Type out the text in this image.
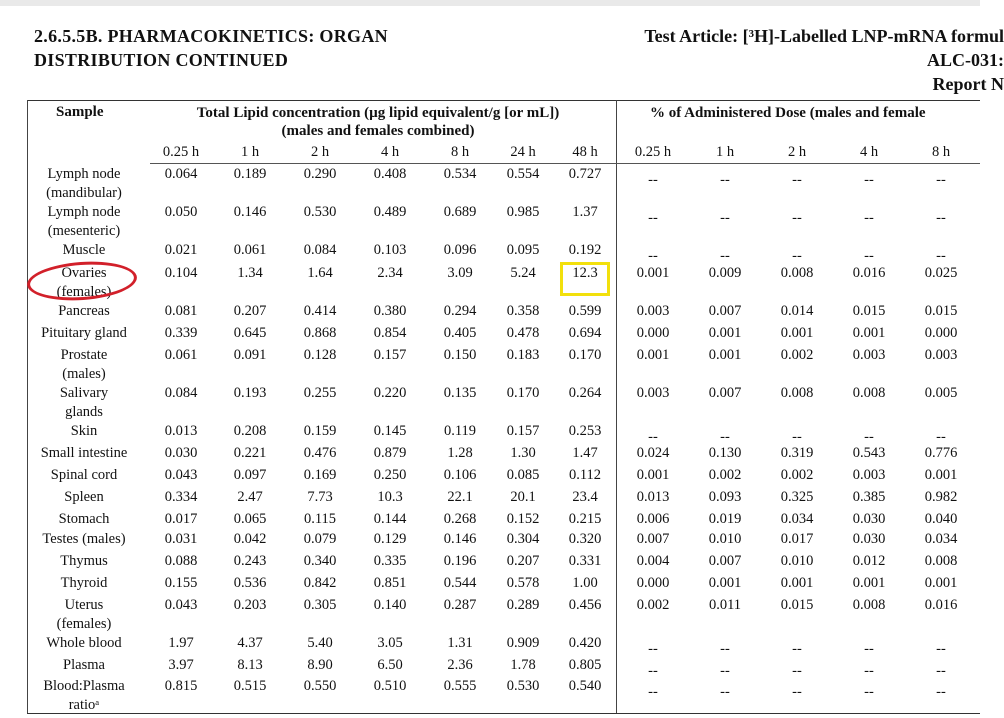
2.6.5.5B. PHARMACOKINETICS: ORGAN
DISTRIBUTION CONTINUED
Test Article: [³H]-Labelled LNP-mRNA formul
ALC-031:
Report N
Sample	Total Lipid concentration (µg lipid equivalent/g [or mL])
(males and females combined)
% of Administered Dose (males and female
0.25 h	1 h	2 h	4 h	8 h	24 h	48 h	0.25 h	1 h	2 h	4 h	8 h
Lymph node
(mandibular)
0.064	0.189	0.290	0.408	0.534	0.554	0.727	--	--	--	--	--
Lymph node
(mesenteric)
0.050	0.146	0.530	0.489	0.689	0.985	1.37	--	--	--	--	--
Muscle	0.021	0.061	0.084	0.103	0.096	0.095	0.192	--	--	--	--	--
Ovaries
(females)
0.104	1.34	1.64	2.34	3.09	5.24	12.3	0.001	0.009	0.008	0.016	0.025
Pancreas	0.081	0.207	0.414	0.380	0.294	0.358	0.599	0.003	0.007	0.014	0.015	0.015
Pituitary gland	0.339	0.645	0.868	0.854	0.405	0.478	0.694	0.000	0.001	0.001	0.001	0.000
Prostate
(males)
0.061	0.091	0.128	0.157	0.150	0.183	0.170	0.001	0.001	0.002	0.003	0.003
Salivary
glands
0.084	0.193	0.255	0.220	0.135	0.170	0.264	0.003	0.007	0.008	0.008	0.005
Skin	0.013	0.208	0.159	0.145	0.119	0.157	0.253	--	--	--	--	--
Small intestine	0.030	0.221	0.476	0.879	1.28	1.30	1.47	0.024	0.130	0.319	0.543	0.776
Spinal cord	0.043	0.097	0.169	0.250	0.106	0.085	0.112	0.001	0.002	0.002	0.003	0.001
Spleen	0.334	2.47	7.73	10.3	22.1	20.1	23.4	0.013	0.093	0.325	0.385	0.982
Stomach	0.017	0.065	0.115	0.144	0.268	0.152	0.215	0.006	0.019	0.034	0.030	0.040
Testes (males)	0.031	0.042	0.079	0.129	0.146	0.304	0.320	0.007	0.010	0.017	0.030	0.034
Thymus	0.088	0.243	0.340	0.335	0.196	0.207	0.331	0.004	0.007	0.010	0.012	0.008
Thyroid	0.155	0.536	0.842	0.851	0.544	0.578	1.00	0.000	0.001	0.001	0.001	0.001
Uterus
(females)
0.043	0.203	0.305	0.140	0.287	0.289	0.456	0.002	0.011	0.015	0.008	0.016
Whole blood	1.97	4.37	5.40	3.05	1.31	0.909	0.420	--	--	--	--	--
Plasma	3.97	8.13	8.90	6.50	2.36	1.78	0.805	--	--	--	--	--
Blood:Plasma
ratioᵃ
0.815	0.515	0.550	0.510	0.555	0.530	0.540	--	--	--	--	--
